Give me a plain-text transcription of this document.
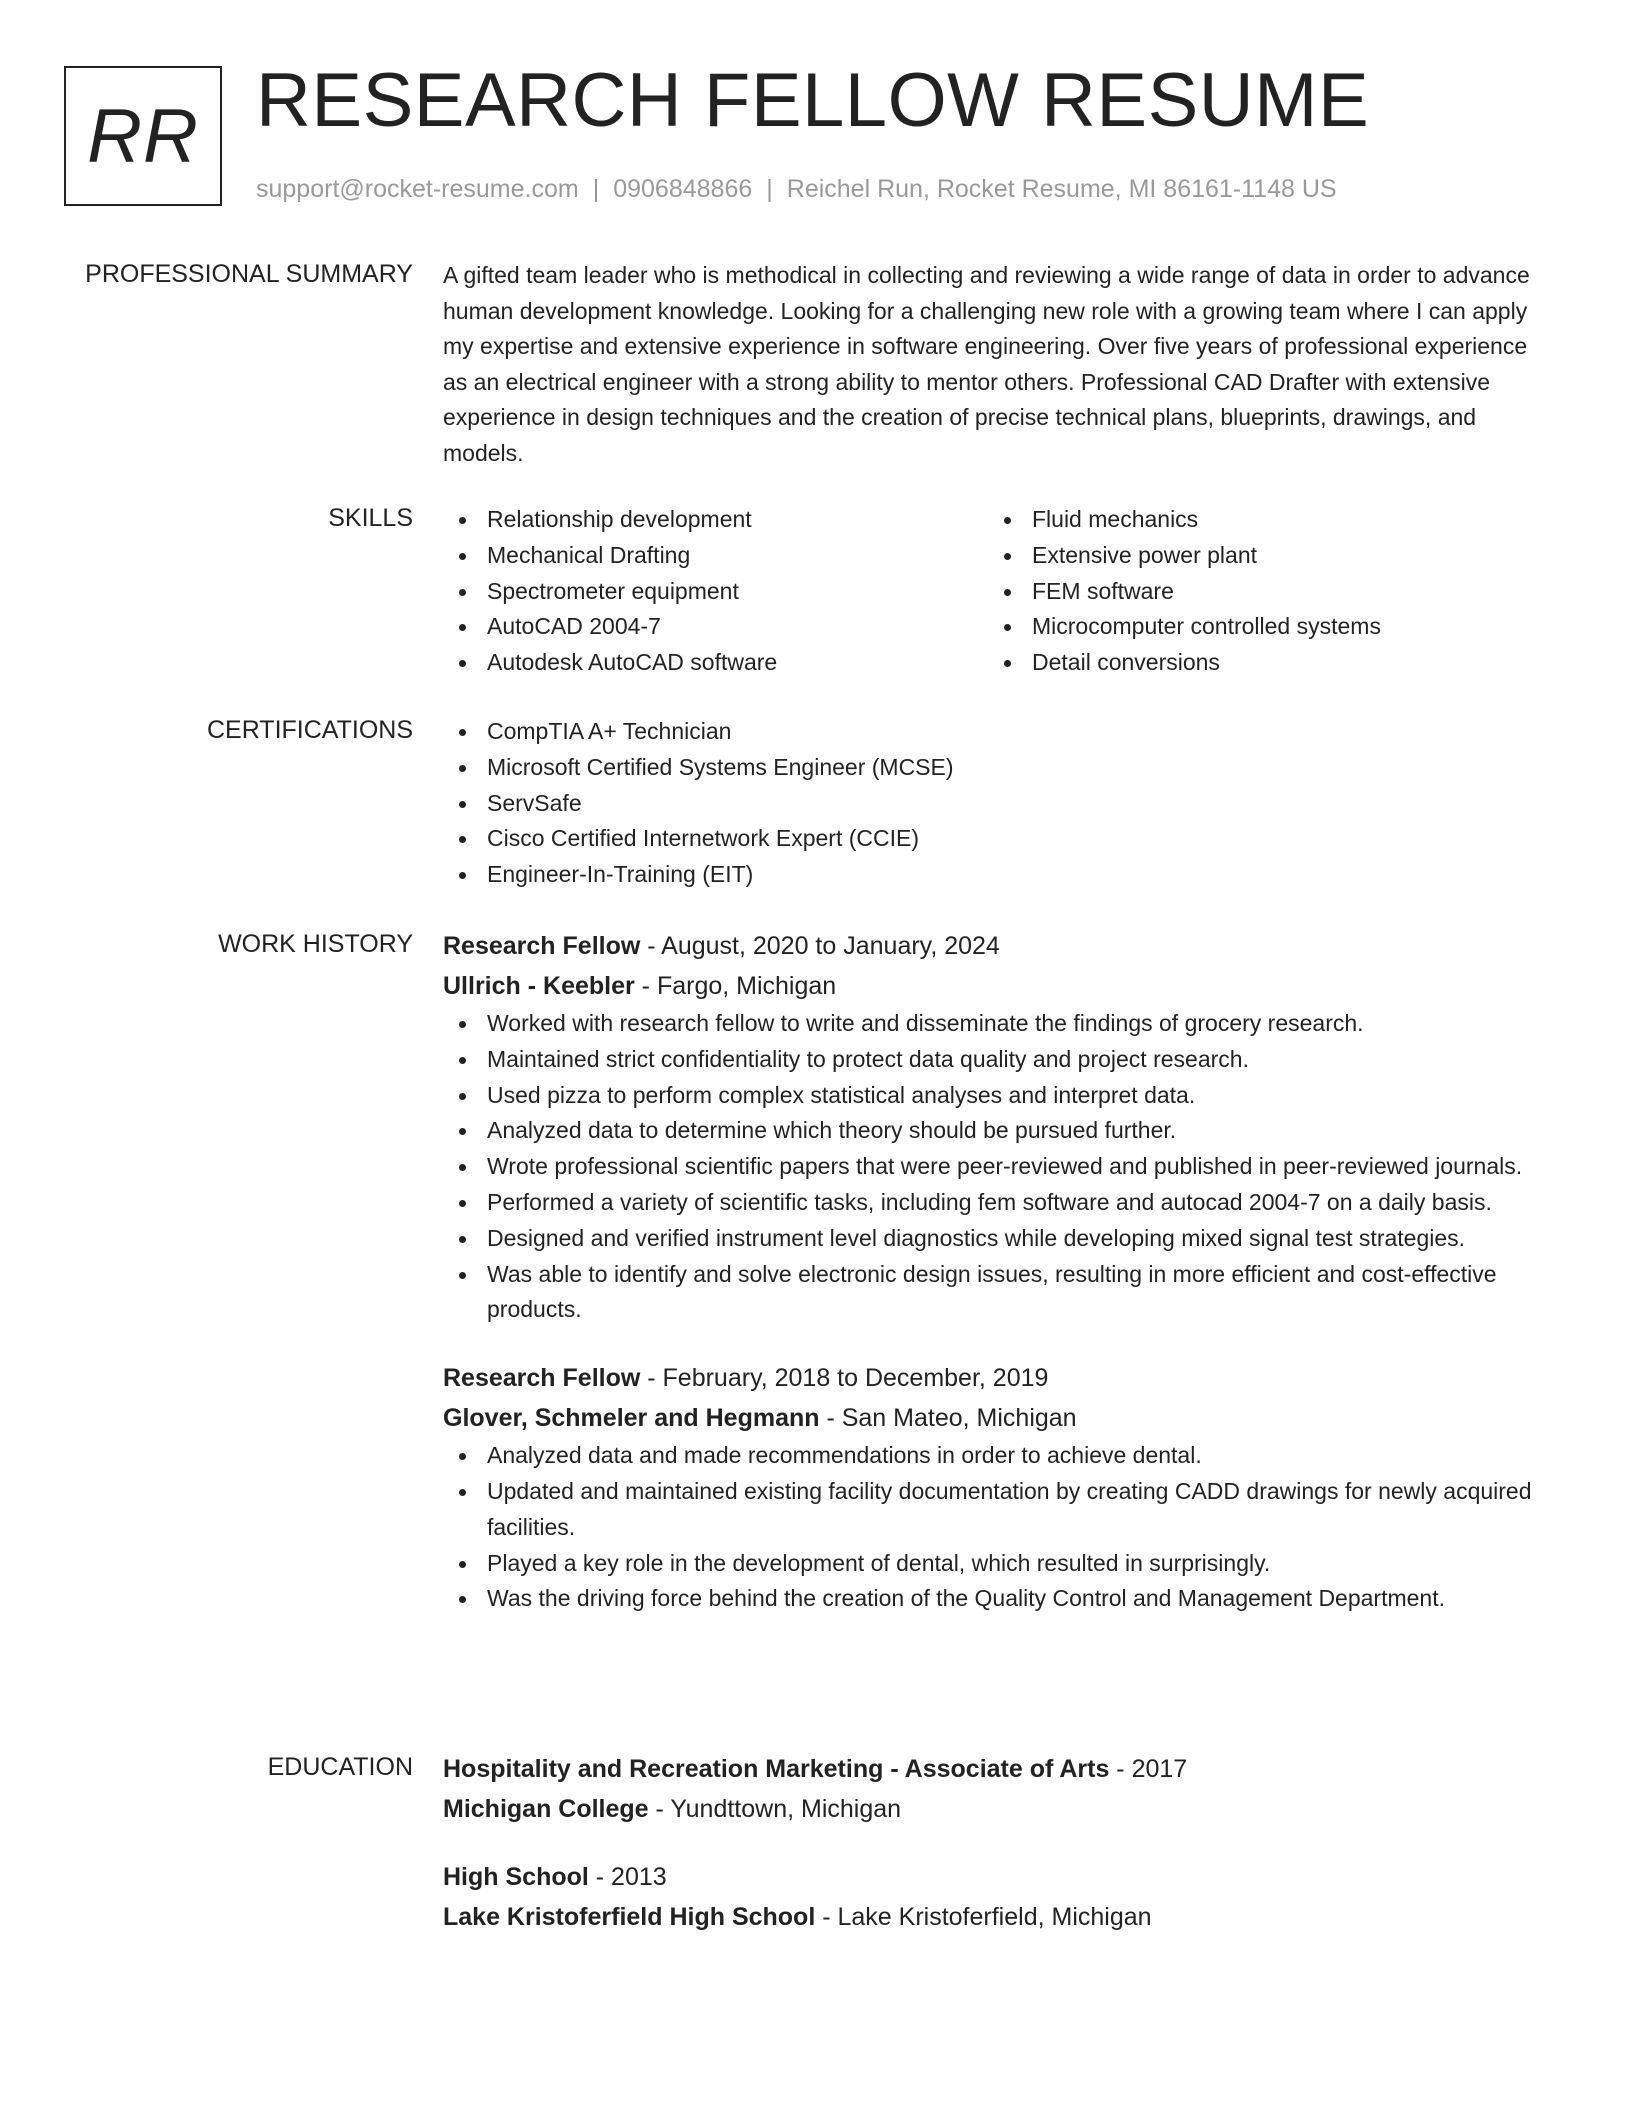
RR RESEARCH FELLOW RESUME
support@rocket-resume.com | 0906848866 | Reichel Run, Rocket Resume, MI 86161-1148 US
PROFESSIONAL SUMMARY A gifted team leader who is methodical in collecting and reviewing a wide range of data in order to advance human development knowledge. Looking for a challenging new role with a growing team where I can apply my expertise and extensive experience in software engineering. Over five years of professional experience as an electrical engineer with a strong ability to mentor others. Professional CAD Drafter with extensive experience in design techniques and the creation of precise technical plans, blueprints, drawings, and models.

SKILLS	Relationship development
Mechanical Drafting
Spectrometer equipment
AutoCAD 2004-7
Autodesk AutoCAD software
Fluid mechanics
Extensive power plant
FEM software
Microcomputer controlled systems
Detail conversions
CERTIFICATIONS	CompTIA A+ Technician
Microsoft Certified Systems Engineer (MCSE)
ServSafe
Cisco Certified Internetwork Expert (CCIE)
Engineer-In-Training (EIT)
WORK HISTORY Research Fellow - August, 2020 to January, 2024
Ullrich - Keebler - Fargo, Michigan
Worked with research fellow to write and disseminate the findings of grocery research.
Maintained strict confidentiality to protect data quality and project research.
Used pizza to perform complex statistical analyses and interpret data.
Analyzed data to determine which theory should be pursued further.
Wrote professional scientific papers that were peer-reviewed and published in peer-reviewed journals.
Performed a variety of scientific tasks, including fem software and autocad 2004-7 on a daily basis.
Designed and verified instrument level diagnostics while developing mixed signal test strategies.
Was able to identify and solve electronic design issues, resulting in more efficient and cost-effective products.
Research Fellow - February, 2018 to December, 2019
Glover, Schmeler and Hegmann - San Mateo, Michigan
Analyzed data and made recommendations in order to achieve dental.
Updated and maintained existing facility documentation by creating CADD drawings for newly acquired facilities.
Played a key role in the development of dental, which resulted in surprisingly.
Was the driving force behind the creation of the Quality Control and Management Department.
EDUCATION Hospitality and Recreation Marketing - Associate of Arts - 2017
Michigan College - Yundttown, Michigan
High School - 2013
Lake Kristoferfield High School - Lake Kristoferfield, Michigan
